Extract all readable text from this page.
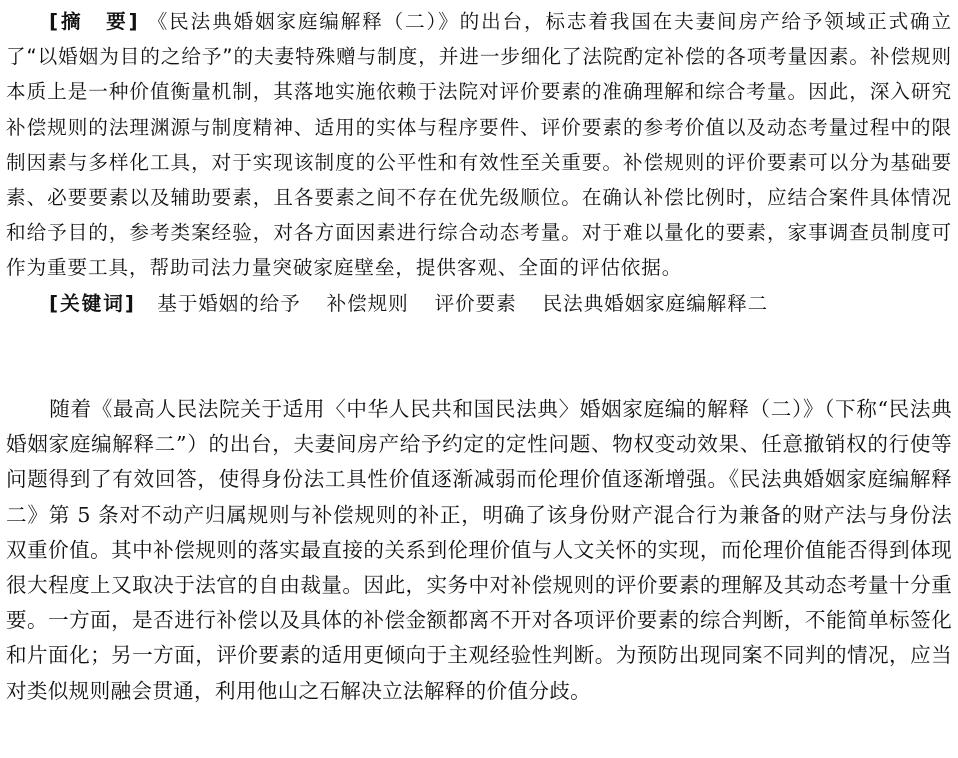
[摘　要] 《民法典婚姻家庭编解释（二）》的出台，标志着我国在夫妻间房产给予领域正式确立了“以婚姻为目的之给予”的夫妻特殊赠与制度，并进一步细化了法院酌定补偿的各项考量因素。补偿规则本质上是一种价值衡量机制，其落地实施依赖于法院对评价要素的准确理解和综合考量。因此，深入研究补偿规则的法理渊源与制度精神、适用的实体与程序要件、评价要素的参考价值以及动态考量过程中的限制因素与多样化工具，对于实现该制度的公平性和有效性至关重要。补偿规则的评价要素可以分为基础要素、必要要素以及辅助要素，且各要素之间不存在优先级顺位。在确认补偿比例时，应结合案件具体情况和给予目的，参考类案经验，对各方面因素进行综合动态考量。对于难以量化的要素，家事调查员制度可作为重要工具，帮助司法力量突破家庭壁垒，提供客观、全面的评估依据。

[关键词] 基于婚姻的给予 补偿规则 评价要素 民法典婚姻家庭编解释二

随着《最高人民法院关于适用〈中华人民共和国民法典〉婚姻家庭编的解释（二）》（下称“民法典婚姻家庭编解释二”）的出台，夫妻间房产给予约定的定性问题、物权变动效果、任意撤销权的行使等问题得到了有效回答，使得身份法工具性价值逐渐减弱而伦理价值逐渐增强。《民法典婚姻家庭编解释二》第 5 条对不动产归属规则与补偿规则的补正，明确了该身份财产混合行为兼备的财产法与身份法双重价值。其中补偿规则的落实最直接的关系到伦理价值与人文关怀的实现，而伦理价值能否得到体现很大程度上又取决于法官的自由裁量。因此，实务中对补偿规则的评价要素的理解及其动态考量十分重要。一方面，是否进行补偿以及具体的补偿金额都离不开对各项评价要素的综合判断，不能简单标签化和片面化；另一方面，评价要素的适用更倾向于主观经验性判断。为预防出现同案不同判的情况，应当对类似规则融会贯通，利用他山之石解决立法解释的价值分歧。
